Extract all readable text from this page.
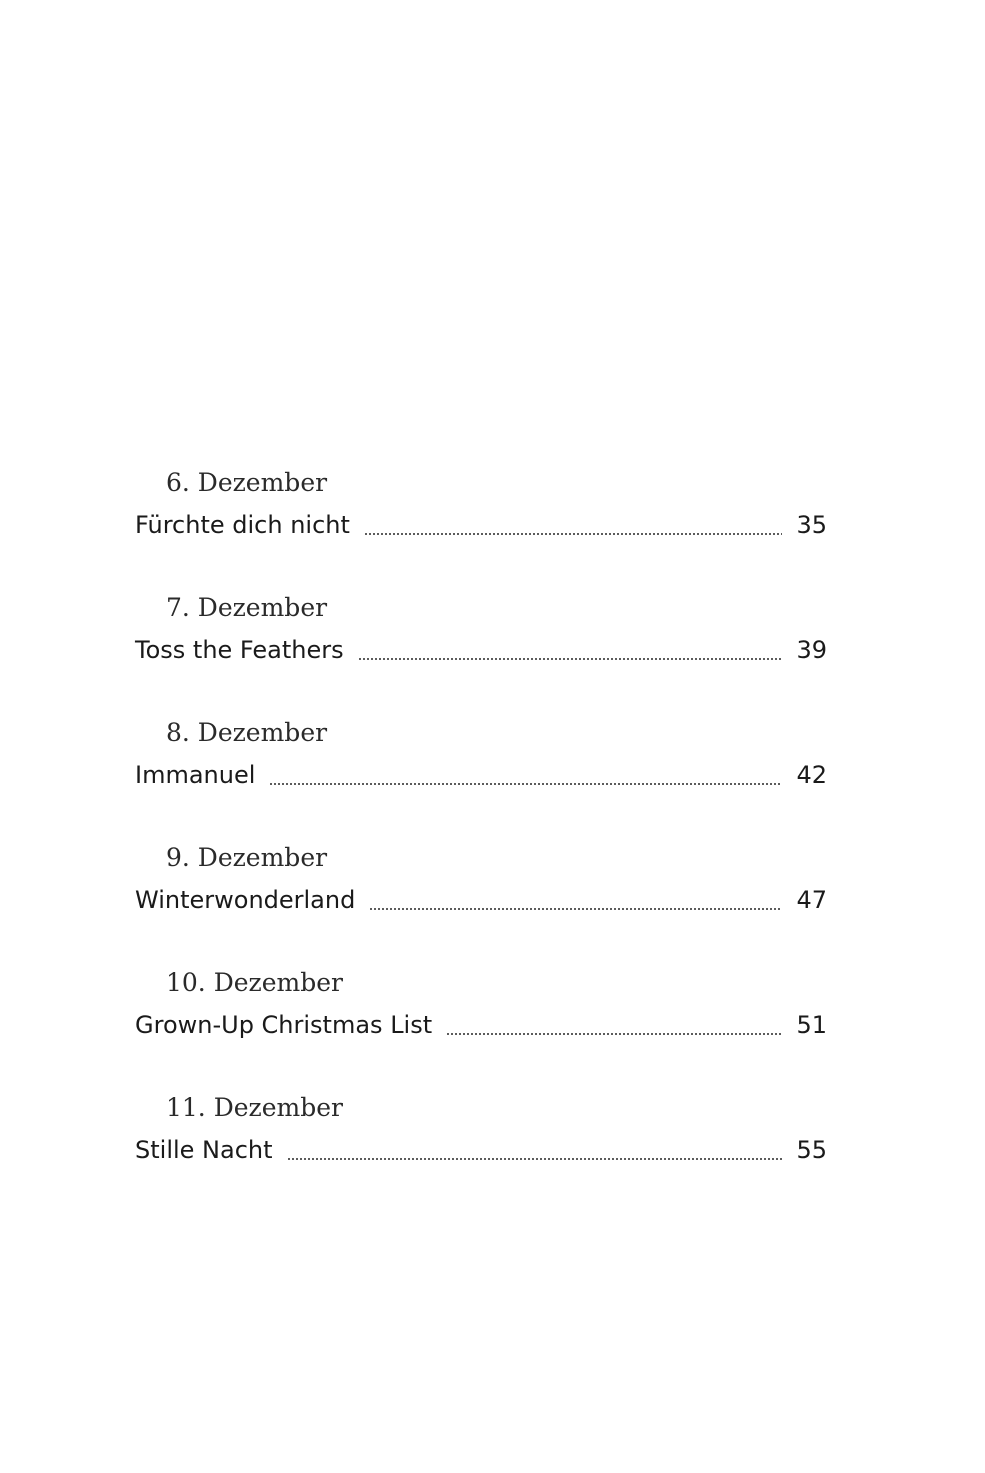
6. Dezember
Fürchte dich nicht	35
7. Dezember
Toss the Feathers	39
8. Dezember
Immanuel	42
9. Dezember
Winterwonderland	47
10. Dezember
Grown-Up Christmas List	51
11. Dezember
Stille Nacht	55
